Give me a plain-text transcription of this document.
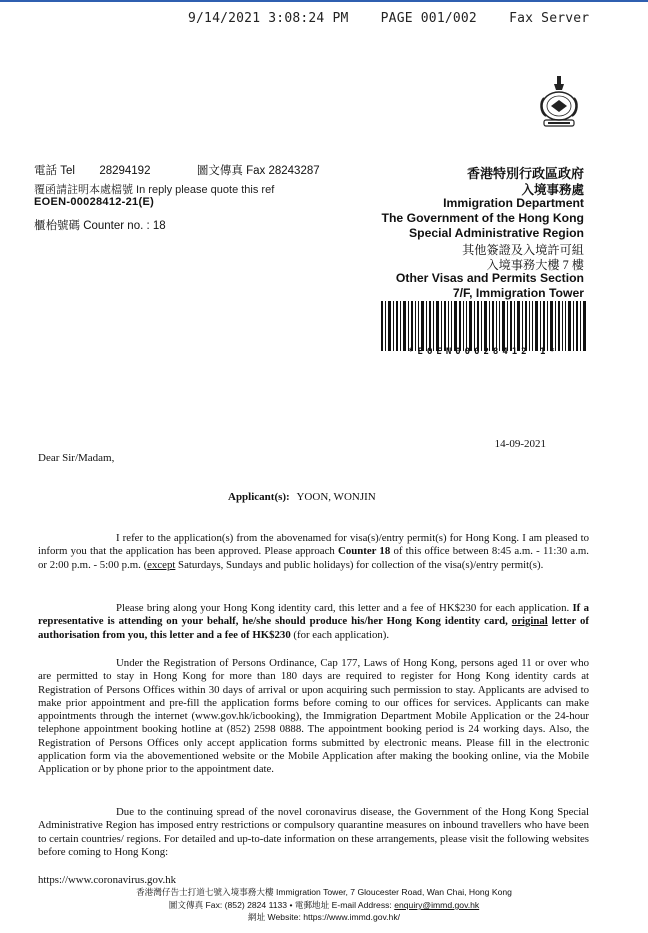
9/14/2021 3:08:24 PM    PAGE 001/002    Fax Server
電話 Tel 28294192	圖文傳真 Fax 28243287
覆函請註明本處檔號 In reply please quote this ref
EOEN-00028412-21(E)
櫃枱號碼 Counter no. : 18
香港特別行政區政府
入境事務處
Immigration Department
The Government of the Hong Kong
Special Administrative Region
其他簽證及入境許可組
入境事務大樓 7 樓
Other Visas and Permits Section
7/F, Immigration Tower
*EOEN00028412 1*
14-09-2021
Dear Sir/Madam,
Applicant(s): YOON, WONJIN
I refer to the application(s) from the abovenamed for visa(s)/entry permit(s) for Hong Kong. I am pleased to inform you that the application has been approved. Please approach Counter 18 of this office between 8:45 a.m. - 11:30 a.m. or 2:00 p.m. - 5:00 p.m. (except Saturdays, Sundays and public holidays) for collection of the visa(s)/entry permit(s).
Please bring along your Hong Kong identity card, this letter and a fee of HK$230 for each application. If a representative is attending on your behalf, he/she should produce his/her Hong Kong identity card, original letter of authorisation from you, this letter and a fee of HK$230 (for each application).
Under the Registration of Persons Ordinance, Cap 177, Laws of Hong Kong, persons aged 11 or over who are permitted to stay in Hong Kong for more than 180 days are required to register for Hong Kong identity cards at Registration of Persons Offices within 30 days of arrival or upon acquiring such permission to stay. Applicants are advised to make prior appointment and pre-fill the application forms before coming to our offices for services. Applicants can make appointments through the internet (www.gov.hk/icbooking), the Immigration Department Mobile Application or the 24-hour telephone appointment booking hotline at (852) 2598 0888. The appointment booking period is 24 working days. Also, the Registration of Persons Offices only accept application forms submitted by electronic means. Please fill in the electronic application form via the abovementioned website or the Mobile Application after making the booking online, via the Mobile Application or by phone prior to the appointment date.
Due to the continuing spread of the novel coronavirus disease, the Government of the Hong Kong Special Administrative Region has imposed entry restrictions or compulsory quarantine measures on inbound travellers who have been to certain countries/ regions. For detailed and up-to-date information on these arrangements, please visit the following websites before coming to Hong Kong:
https://www.coronavirus.gov.hk
香港灣仔告士打道七號入境事務大樓 Immigration Tower, 7 Gloucester Road, Wan Chai, Hong Kong
圖文傳真 Fax: (852) 2824 1133 • 電郵地址 E-mail Address: enquiry@immd.gov.hk
網址 Website: https://www.immd.gov.hk/
